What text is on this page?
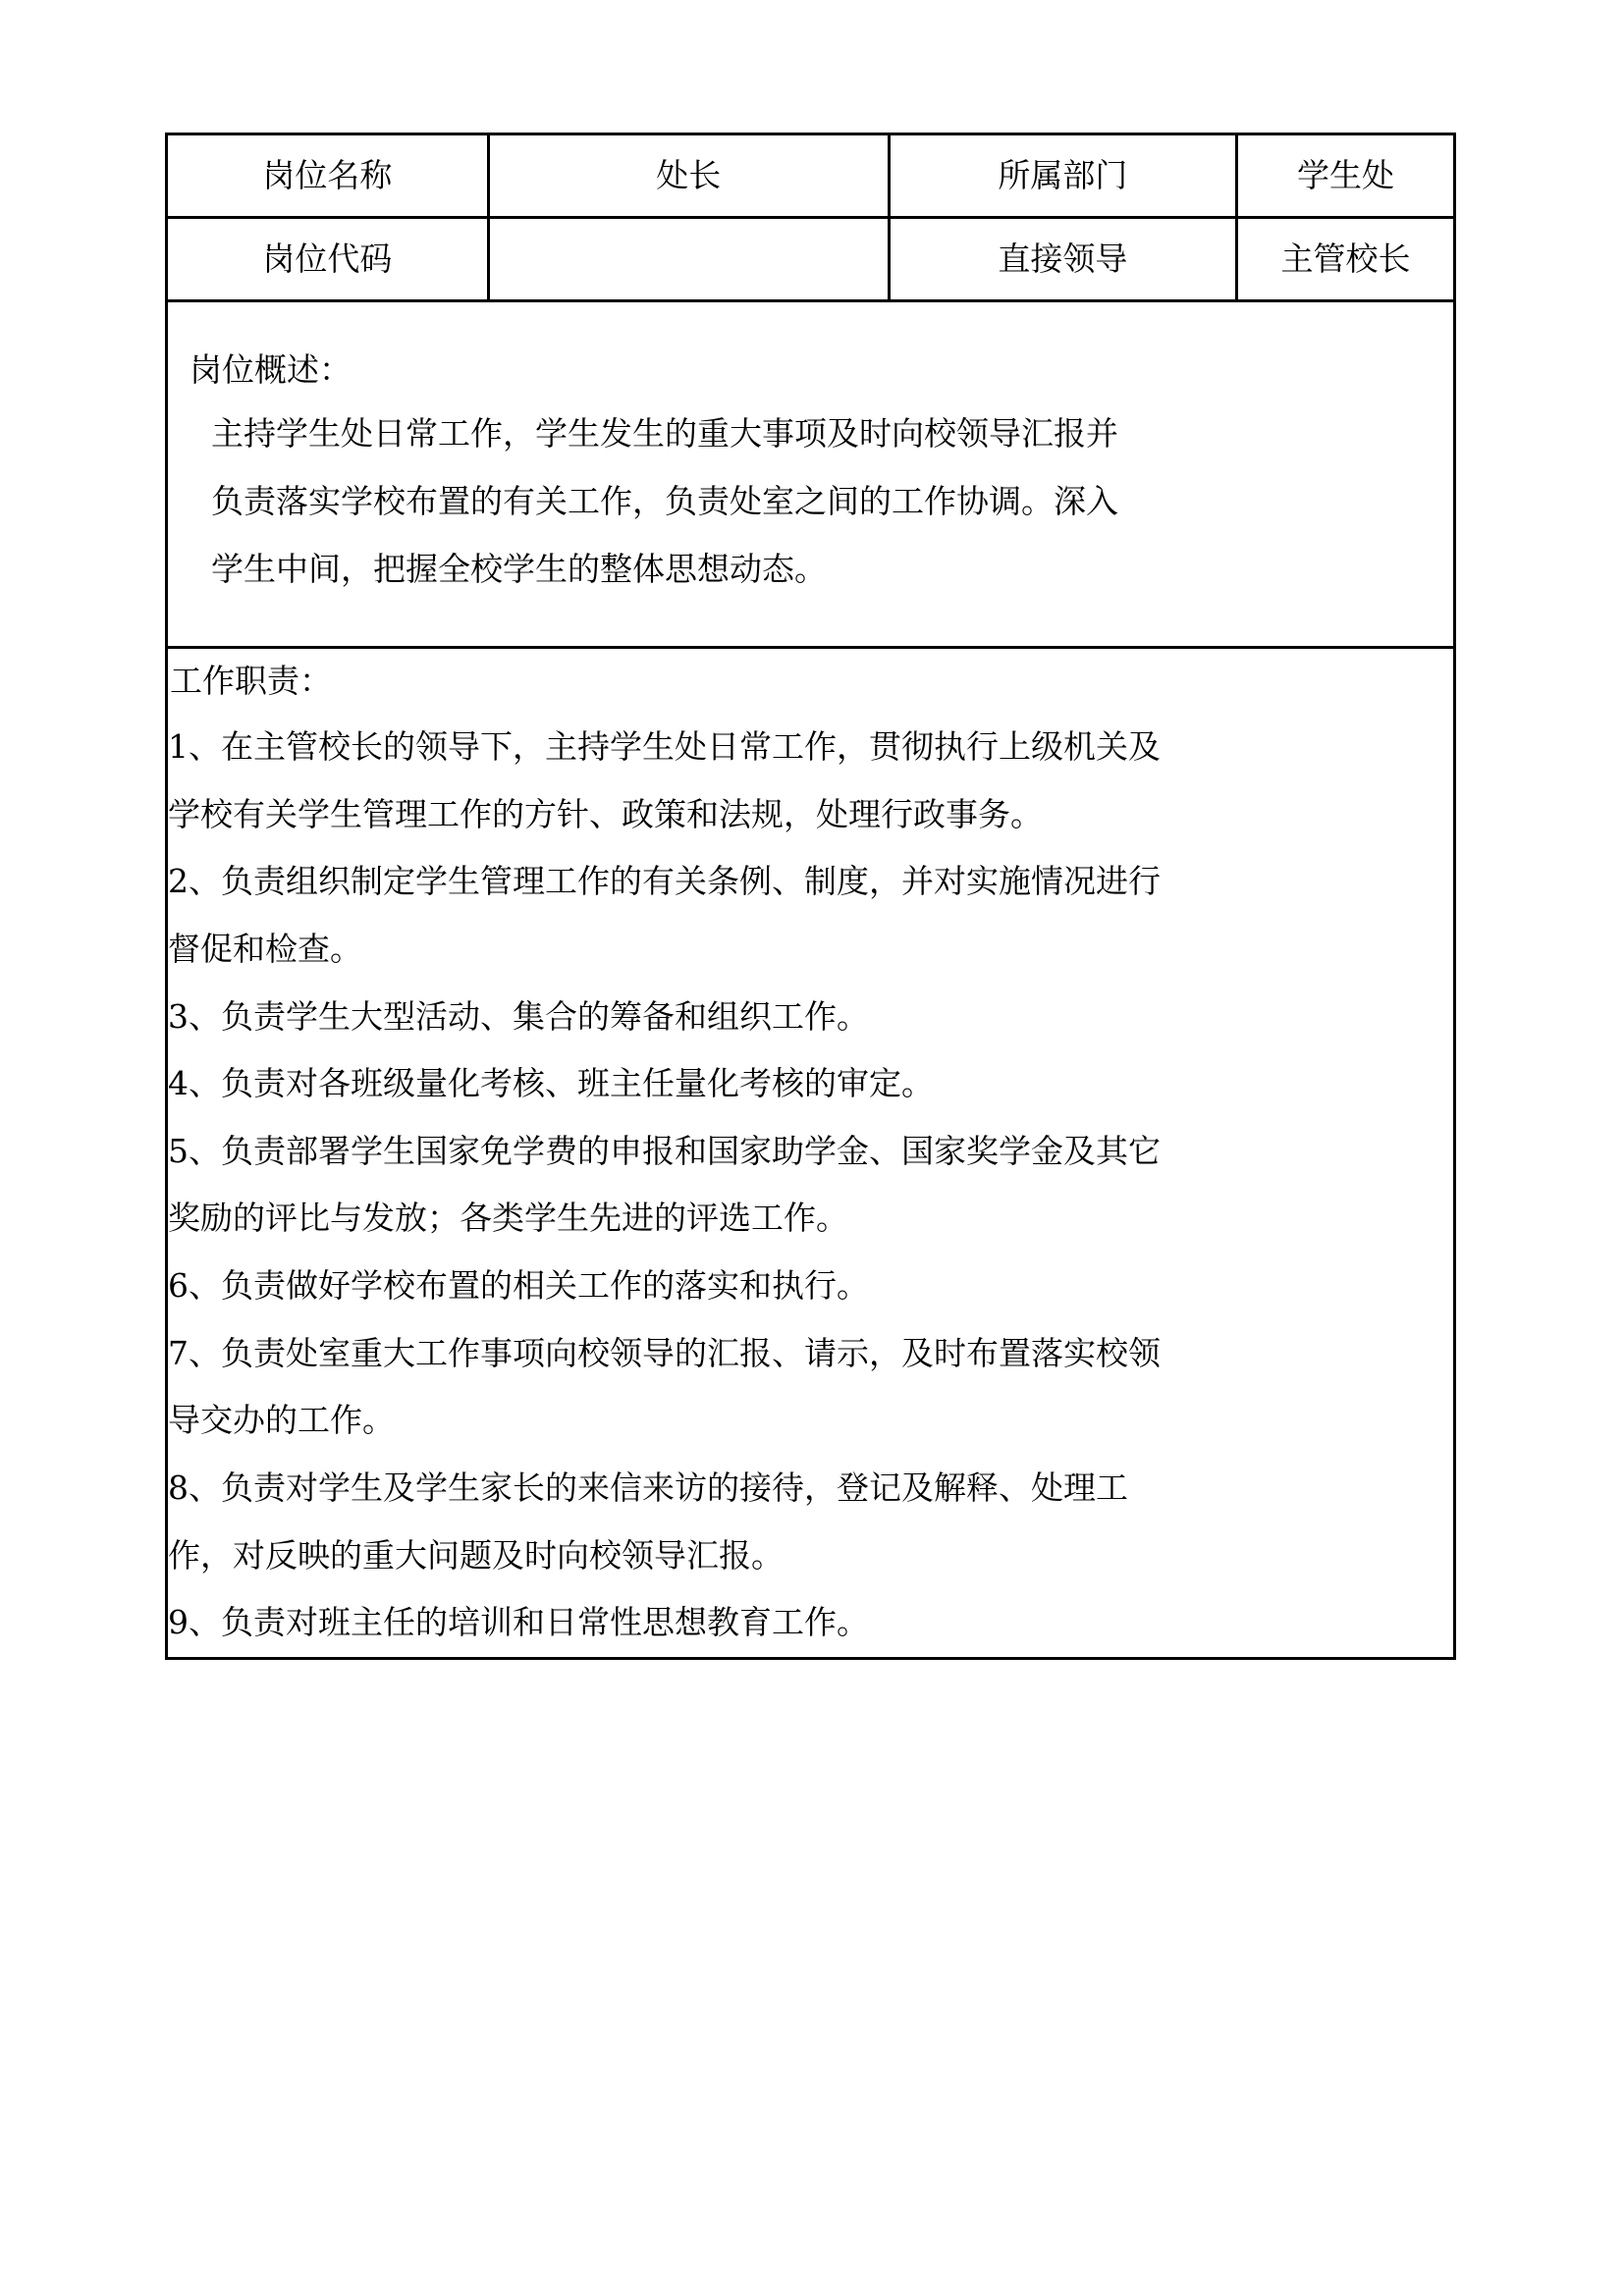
岗位名称	处长	所属部门	学生处
岗位代码		直接领导	主管校长

岗位概述：

主持学生处日常工作，学生发生的重大事项及时向校领导汇报并

负责落实学校布置的有关工作，负责处室之间的工作协调。深入

学生中间，把握全校学生的整体思想动态。			

工作职责：

1、在主管校长的领导下，主持学生处日常工作，贯彻执行上级机关及

学校有关学生管理工作的方针、政策和法规，处理行政事务。

2、负责组织制定学生管理工作的有关条例、制度，并对实施情况进行

督促和检查。

3、负责学生大型活动、集合的筹备和组织工作。

4、负责对各班级量化考核、班主任量化考核的审定。

5、负责部署学生国家免学费的申报和国家助学金、国家奖学金及其它

奖励的评比与发放；各类学生先进的评选工作。

6、负责做好学校布置的相关工作的落实和执行。

7、负责处室重大工作事项向校领导的汇报、请示，及时布置落实校领

导交办的工作。

8、负责对学生及学生家长的来信来访的接待，登记及解释、处理工

作，对反映的重大问题及时向校领导汇报。

9、负责对班主任的培训和日常性思想教育工作。
